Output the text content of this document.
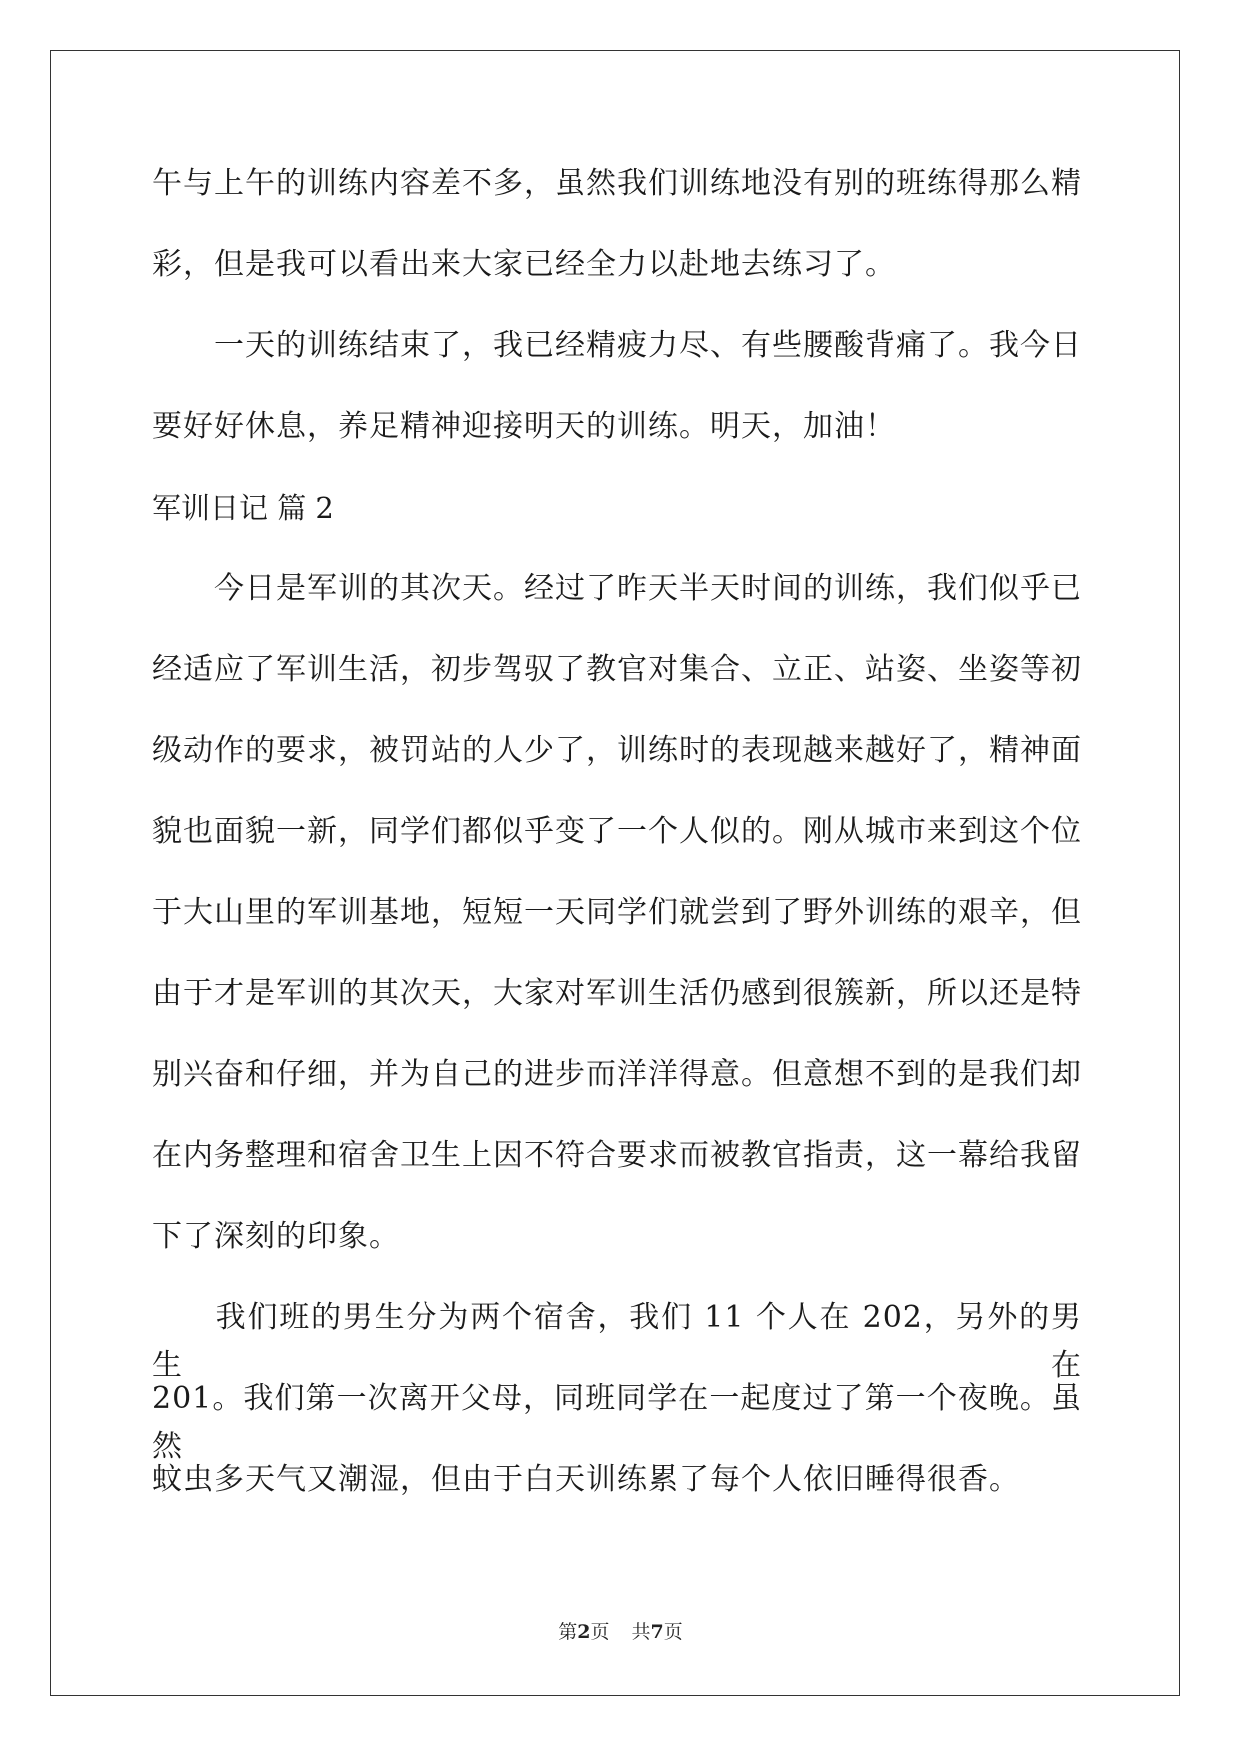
午与上午的训练内容差不多，虽然我们训练地没有别的班练得那么精
彩，但是我可以看出来大家已经全力以赴地去练习了。
　　一天的训练结束了，我已经精疲力尽、有些腰酸背痛了。我今日
要好好休息，养足精神迎接明天的训练。明天，加油！
军训日记 篇 2
　　今日是军训的其次天。经过了昨天半天时间的训练，我们似乎已
经适应了军训生活，初步驾驭了教官对集合、立正、站姿、坐姿等初
级动作的要求，被罚站的人少了，训练时的表现越来越好了，精神面
貌也面貌一新，同学们都似乎变了一个人似的。刚从城市来到这个位
于大山里的军训基地，短短一天同学们就尝到了野外训练的艰辛，但
由于才是军训的其次天，大家对军训生活仍感到很簇新，所以还是特
别兴奋和仔细，并为自己的进步而洋洋得意。但意想不到的是我们却
在内务整理和宿舍卫生上因不符合要求而被教官指责，这一幕给我留
下了深刻的印象。
　　我们班的男生分为两个宿舍，我们 11 个人在 202，另外的男生在
201。我们第一次离开父母，同班同学在一起度过了第一个夜晚。虽然
蚊虫多天气又潮湿，但由于白天训练累了每个人依旧睡得很香。
第2页 共7页
